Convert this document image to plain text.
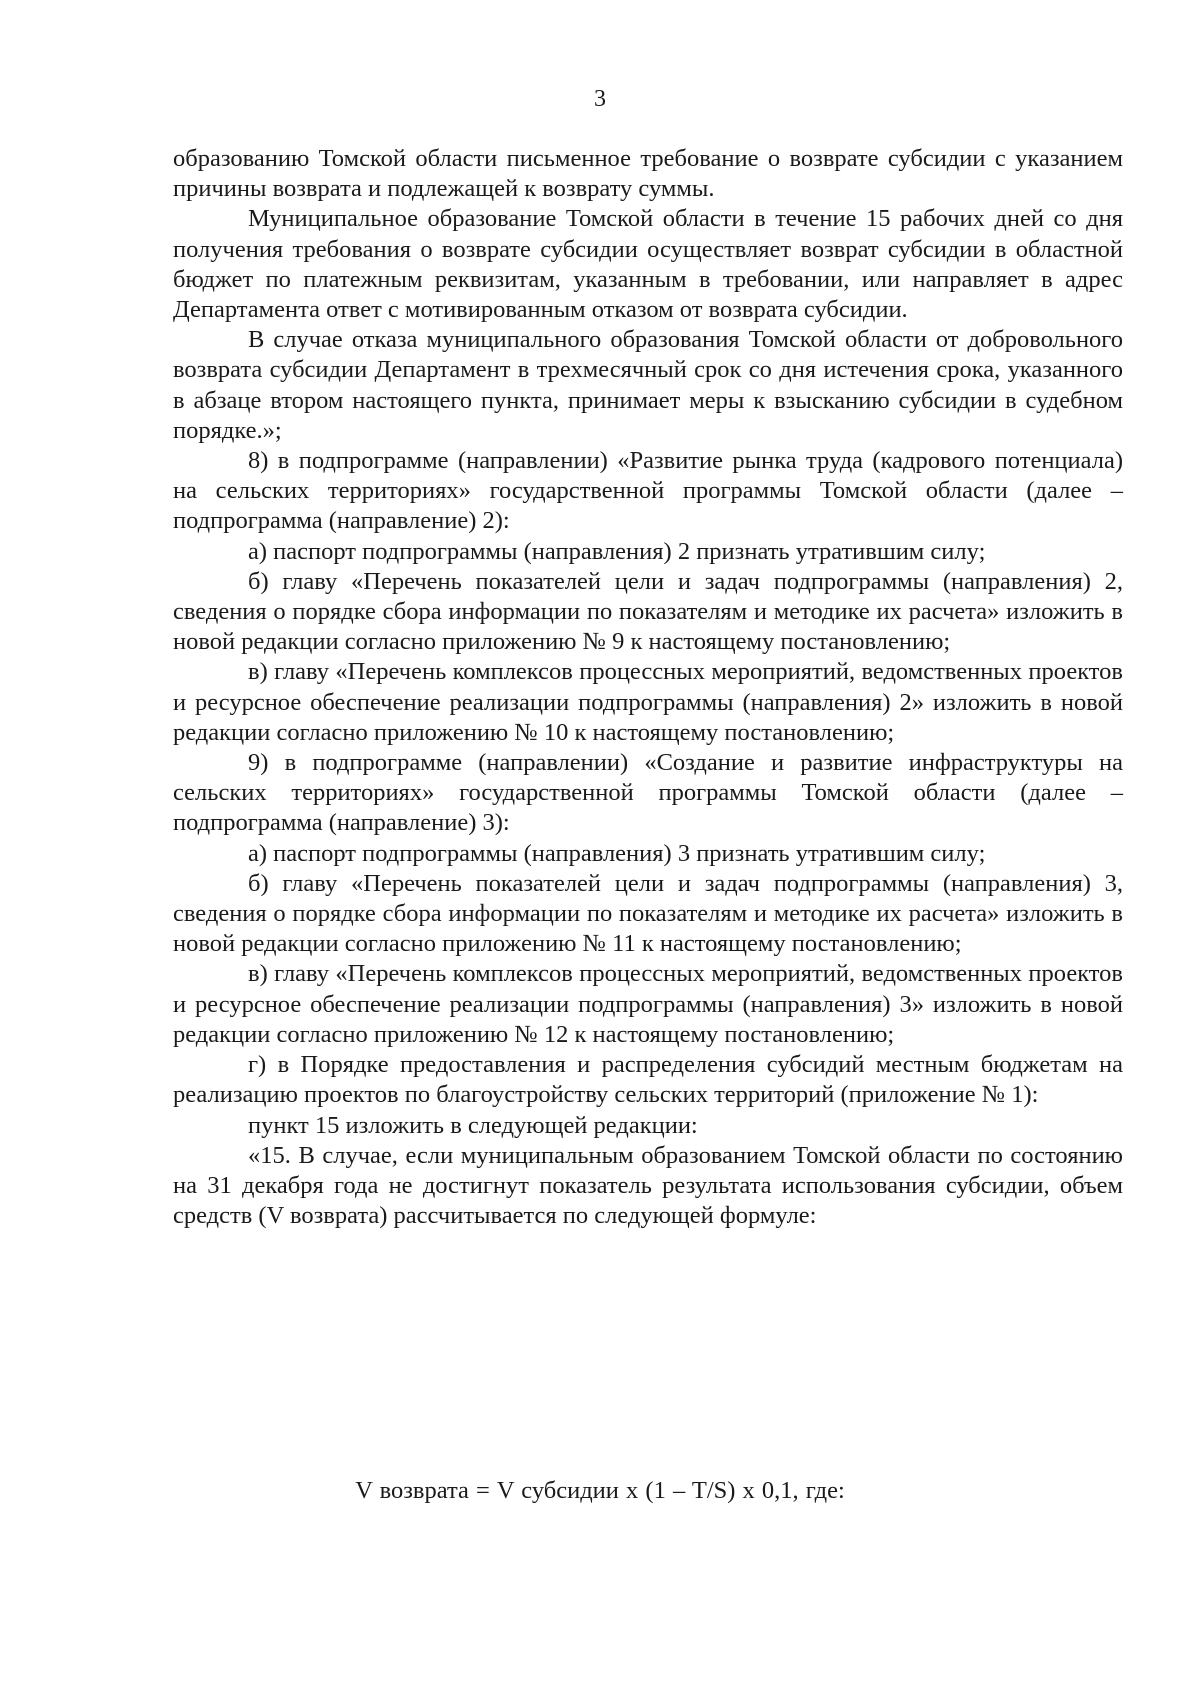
3

образованию Томской области письменное требование о возврате субсидии с указанием причины возврата и подлежащей к возврату суммы.

Муниципальное образование Томской области в течение 15 рабочих дней со дня получения требования о возврате субсидии осуществляет возврат субсидии в областной бюджет по платежным реквизитам, указанным в требовании, или направляет в адрес Департамента ответ с мотивированным отказом от возврата субсидии.

В случае отказа муниципального образования Томской области от добровольного возврата субсидии Департамент в трехмесячный срок со дня истечения срока, указанного в абзаце втором настоящего пункта, принимает меры к взысканию субсидии в судебном порядке.»;

8) в подпрограмме (направлении) «Развитие рынка труда (кадрового потенциала) на сельских территориях» государственной программы Томской области (далее – подпрограмма (направление) 2):

а) паспорт подпрограммы (направления) 2 признать утратившим силу;

б) главу «Перечень показателей цели и задач подпрограммы (направления) 2, сведения о порядке сбора информации по показателям и методике их расчета» изложить в новой редакции согласно приложению № 9 к настоящему постановлению;

в) главу «Перечень комплексов процессных мероприятий, ведомственных проектов и ресурсное обеспечение реализации подпрограммы (направления) 2» изложить в новой редакции согласно приложению № 10 к настоящему постановлению;

9) в подпрограмме (направлении) «Создание и развитие инфраструктуры на сельских территориях» государственной программы Томской области (далее – подпрограмма (направление) 3):

а) паспорт подпрограммы (направления) 3 признать утратившим силу;

б) главу «Перечень показателей цели и задач подпрограммы (направления) 3, сведения о порядке сбора информации по показателям и методике их расчета» изложить в новой редакции согласно приложению № 11 к настоящему постановлению;

в) главу «Перечень комплексов процессных мероприятий, ведомственных проектов и ресурсное обеспечение реализации подпрограммы (направления) 3» изложить в новой редакции согласно приложению № 12 к настоящему постановлению;

г) в Порядке предоставления и распределения субсидий местным бюджетам на реализацию проектов по благоустройству сельских территорий (приложение № 1):

пункт 15 изложить в следующей редакции:

«15. В случае, если муниципальным образованием Томской области по состоянию на 31 декабря года не достигнут показатель результата использования субсидии, объем средств (V возврата) рассчитывается по следующей формуле:

V возврата = V субсидии x (1 – T/S) x 0,1, где:
